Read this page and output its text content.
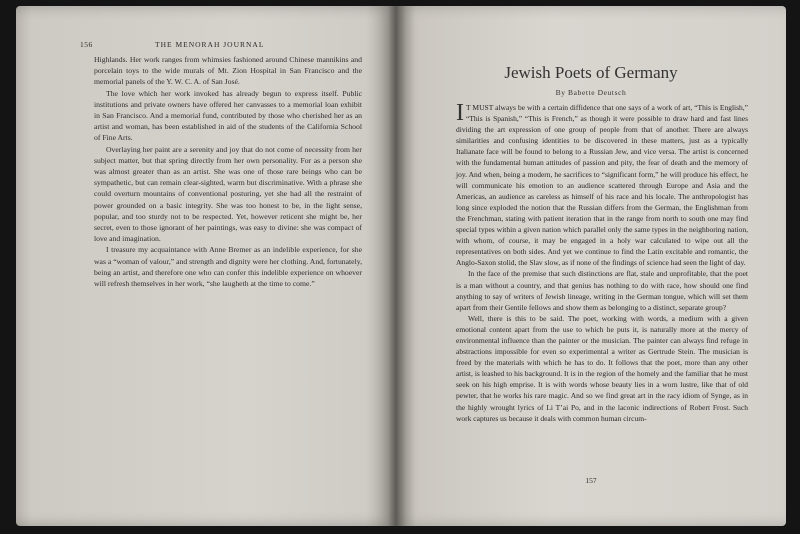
156	THE MENORAH JOURNAL

Highlands. Her work ranges from whimsies fashioned around Chinese mannikins and porcelain toys to the wide murals of Mt. Zion Hospital in San Francisco and the memorial panels of the Y. W. C. A. of San José.

The love which her work invoked has already begun to express itself. Public institutions and private owners have offered her canvasses to a memorial loan exhibit in San Francisco. And a memorial fund, contributed by those who cherished her as an artist and woman, has been established in aid of the students of the California School of Fine Arts.

Overlaying her paint are a serenity and joy that do not come of necessity from her subject matter, but that spring directly from her own personality. For as a person she was almost greater than as an artist. She was one of those rare beings who can be sympathetic, but can remain clear-sighted, warm but discriminative. With a phrase she could overturn mountains of conventional posturing, yet she had all the restraint of power grounded on a basic integrity. She was too honest to be, in the light sense, popular, and too sturdy not to be respected. Yet, however reticent she might be, her secret, even to those ignorant of her paintings, was easy to divine: she was compact of love and imagination.

I treasure my acquaintance with Anne Bremer as an indelible experience, for she was a “woman of valour,” and strength and dignity were her clothing. And, fortunately, being an artist, and therefore one who can confer this indelible experience on whoever will refresh themselves in her work, “she laugheth at the time to come.”

Jewish Poets of Germany
By Babette Deutsch

I T MUST always be with a certain diffidence that one says of a work of art, “This is English,” “This is Spanish,” “This is French,” as though it were possible to draw hard and fast lines dividing the art expression of one group of people from that of another. There are always similarities and confusing identities to be discovered in these matters, just as a typically Italianate face will be found to belong to a Russian Jew, and vice versa. The artist is concerned with the fundamental human attitudes of passion and pity, the fear of death and the memory of joy. And when, being a modern, he sacrifices to “significant form,” he will produce his effect, he will communicate his emotion to an audience scattered through Europe and Asia and the Americas, an audience as careless as himself of his race and his locale. The anthropologist has long since exploded the notion that the Russian differs from the German, the Englishman from the Frenchman, stating with patient iteration that in the range from north to south one may find special types within a given nation which parallel only the same types in the neighboring nation, with whom, of course, it may be engaged in a holy war calculated to wipe out all the representatives on both sides. And yet we continue to find the Latin excitable and romantic, the Anglo-Saxon stolid, the Slav slow, as if none of the findings of science had seen the light of day.

In the face of the premise that such distinctions are flat, stale and unprofitable, that the poet is a man without a country, and that genius has nothing to do with race, how should one find anything to say of writers of Jewish lineage, writing in the German tongue, which will set them apart from their Gentile fellows and show them as belonging to a distinct, separate group?

Well, there is this to be said. The poet, working with words, a medium with a given emotional content apart from the use to which he puts it, is naturally more at the mercy of environmental influence than the painter or the musician. The painter can always find refuge in abstractions impossible for even so experimental a writer as Gertrude Stein. The musician is freed by the materials with which he has to do. It follows that the poet, more than any other artist, is leashed to his background. It is in the region of the homely and the familiar that he must seek on his high emprise. It is with words whose beauty lies in a worn lustre, like that of old pewter, that he works his rare magic. And so we find great art in the racy idiom of Synge, as in the highly wrought lyrics of Li T’ai Po, and in the laconic indirections of Robert Frost. Such work captures us because it deals with common human circum-

157
